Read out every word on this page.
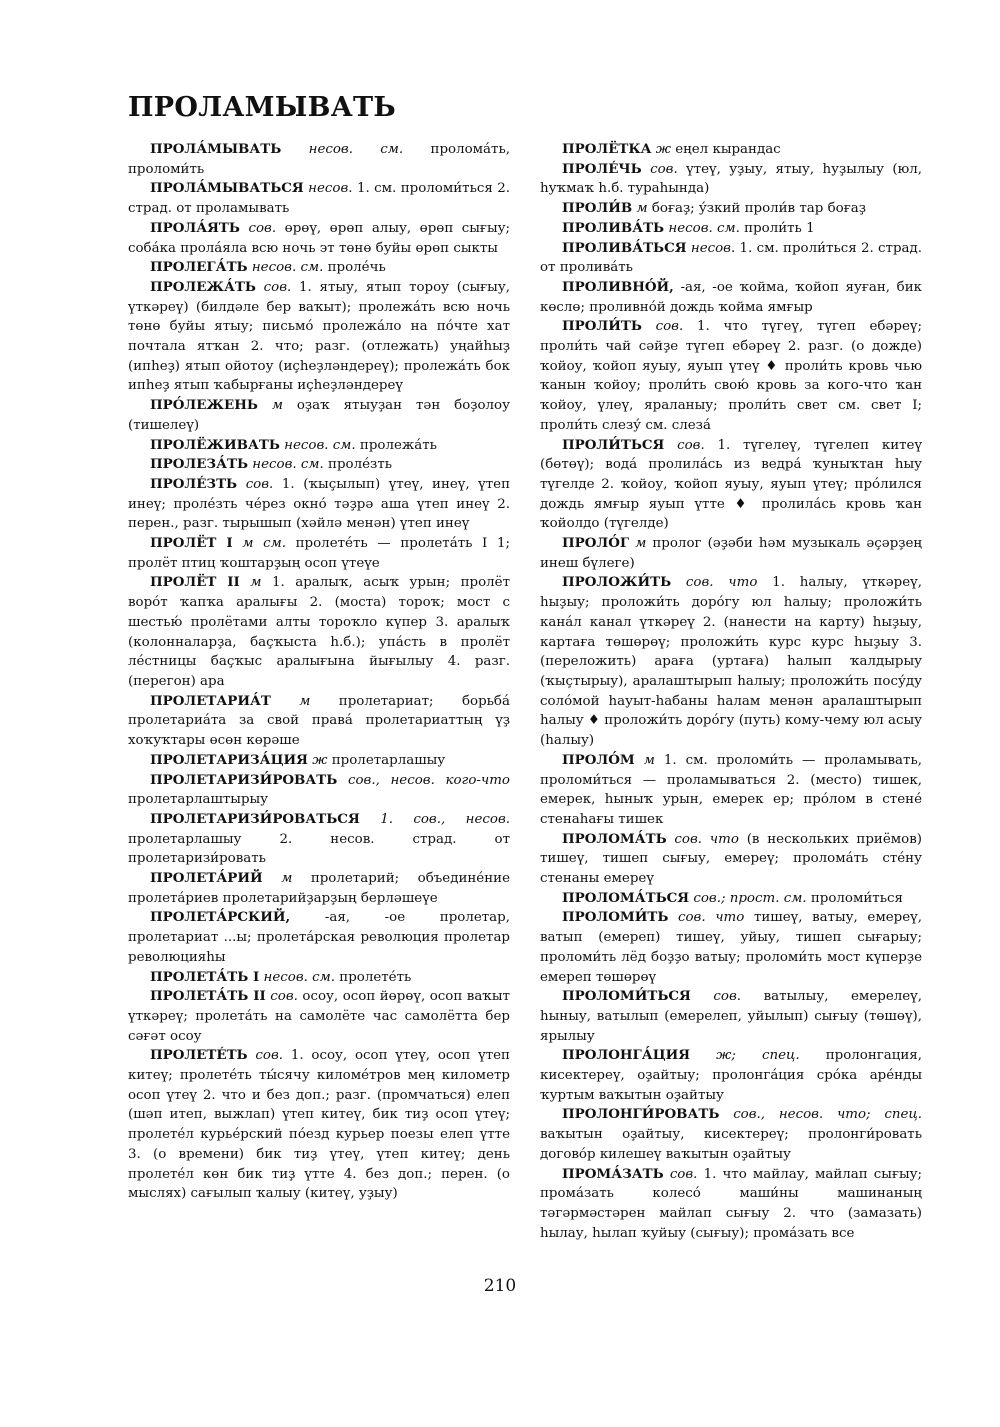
ПРОЛАМЫВАТЬ

ПРОЛА́МЫВАТЬ несов. см. проломáть, проломи́ть

ПРОЛА́МЫВАТЬСЯ несов. 1. см. проломи́ться 2. страд. от проламывать

ПРОЛА́ЯТЬ сов. өрөү, өрөп алыу, өрөп сығыу; собáка пролáяла всю ночь эт төнө буйы өрөп сыкты

ПРОЛЕГА́ТЬ несов. см. пролéчь

ПРОЛЕЖА́ТЬ сов. 1. ятыу, ятып тороу (сығыу, үткәреү) (билдәле бер ваҡыт); пролежáть всю ночь төнө буйы ятыу; письмó пролежáло на пóчте хат почтала ятҡан 2. что; разг. (отлежать) уңайһыҙ (ипһеҙ) ятып ойотоу (иҫһеҙләндереү); пролежáть бок ипһеҙ ятып ҡабырғаны иҫһеҙләндереү

ПРО́ЛЕЖЕНЬ м оҙаҡ ятыуҙан тән боҙолоу (тишелеү)

ПРОЛЁЖИВАТЬ несов. см. пролежáть

ПРОЛЕЗА́ТЬ несов. см. пролéзть

ПРОЛÉЗТЬ сов. 1. (ҡыҫылып) үтеү, инеү, үтеп инеү; пролéзть чéрез окнó тәҙрә аша үтеп инеү 2. перен., разг. тырышып (хәйлә менән) үтеп инеү

ПРОЛЁТ I м см. пролетéть — пролетáть I 1; пролёт птиц ҡоштарҙың осоп үтеүе

ПРОЛЁТ II м 1. аралыҡ, асыҡ урын; пролёт ворóт ҡапҡа аралығы 2. (моста) тороҡ; мост с шестью́ пролётами алты тороҡло күпер 3. аралыҡ (колонналарҙа, баҫҡыста һ.б.); упáсть в пролёт лéстницы баҫҡыс аралығына йығылыу 4. разг. (перегон) ара

ПРОЛЕТАРИА́Т м пролетариат; борьбá пролетариáта за свой правá пролетариаттың үҙ хоҡуҡтары өсөн көрәше

ПРОЛЕТАРИЗА́ЦИЯ ж пролетарлашыу

ПРОЛЕТАРИЗИ́РОВАТЬ сов., несов. кого-что пролетарлаштырыу

ПРОЛЕТАРИЗИ́РОВАТЬСЯ 1. сов., несов. пролетарлашыу 2. несов. страд. от пролетаризи́ровать

ПРОЛЕТА́РИЙ м пролетарий; объединéние пролетáриев пролетарийҙарҙың берләшеүе

ПРОЛЕТА́РСКИЙ,	-ая, -ое пролетар, пролетариат ...ы; пролетáрская революция пролетар революцияһы

ПРОЛЕТА́ТЬ I несов. см. пролетéть

ПРОЛЕТА́ТЬ II сов. осоу, осоп йөрөү, осоп ваҡыт үткәреү; пролетáть на самолёте час самолётта бер сәғәт осоу

ПРОЛЕТÉТЬ сов. 1. осоу, осоп үтеү, осоп үтеп китеү; пролетéть ты́сячу киломéтров мең километр осоп үтеү 2. что и без доп.; разг. (промчаться) елеп (шәп итеп, выжлап) үтеп китеү, бик тиҙ осоп үтеү; пролетéл курьéрский пóезд курьер поезы елеп үтте 3. (о времени) бик тиҙ үтеү, үтеп китеү; день пролетéл көн бик тиҙ үтте 4. без доп.; перен. (о мыслях) сағылып ҡалыу (китеү, уҙыу)

ПРОЛЁТКА ж еңел кырандас

ПРОЛÉЧЬ сов. үтеү, уҙыу, ятыу, һуҙылыу (юл, һуҡмаҡ һ.б. тураһында)

ПРОЛИ́В м боғаҙ; у́зкий проли́в тар боғаҙ

ПРОЛИВА́ТЬ несов. см. проли́ть 1

ПРОЛИВА́ТЬСЯ несов. 1. см. проли́ться 2. страд. от проливáть

ПРОЛИВНО́Й, -ая, -ое ҡойма, ҡойоп яуған, бик көслө; проливнóй дождь ҡойма ямғыр

ПРОЛИ́ТЬ сов. 1. что түгеү, түгеп ебәреү; проли́ть чай сәйҙе түгеп ебәреү 2. разг. (о дожде) ҡойоу, ҡойоп яуыу, яуып үтеү ♦ проли́ть кровь чью ҡанын ҡойоу; проли́ть свою́ кровь за кого-что ҡан ҡойоу, үлеү, яраланыу; проли́ть свет см. свет I; проли́ть слезу́ см. слезá

ПРОЛИ́ТЬСЯ сов. 1. түгелеү, түгелеп китеү (бөтөү); водá пролилáсь из ведрá ҡуныҡтан һыу түгелде 2. ҡойоу, ҡойоп яуыу, яуып үтеү; прóлился дождь ямғыр яуып үтте ♦ пролилáсь кровь ҡан ҡойолдо (түгелде)

ПРОЛО́Г м пролог (әҙәби һәм музыкаль әҫәрҙең инеш бүлеге)

ПРОЛОЖИ́ТЬ сов. что 1. һалыу, үткәреү, һыҙыу; проложи́ть дорóгу юл һалыу; проложи́ть канáл канал үткәреү 2. (нанести на карту) һыҙыу, картаға төшөрөү; проложи́ть курс курс һыҙыу 3. (переложить) араға (уртаға) һалып ҡалдырыу (ҡыҫтырыу), аралаштырып һалыу; проложи́ть посу́ду солóмой һауыт-һабаны һалам менән аралаштырып һалыу ♦ проложи́ть дорóгу (путь) кому-чему юл асыу (һалыу)

ПРОЛО́М м 1. см. проломи́ть — проламывать, проломи́ться — проламываться 2. (место) тишек, емерек, һыныҡ урын, емерек ер; прóлом в стенé стенаһағы тишек

ПРОЛОМА́ТЬ сов. что (в нескольких приёмов) тишеү, тишеп сығыу, емереү; проломáть стéну стенаны емереү

ПРОЛОМА́ТЬСЯ сов.; прост. см. проломи́ться

ПРОЛОМИ́ТЬ сов. что тишеү, ватыу, емереү, ватып (емереп) тишеү, уйыу, тишеп сығарыу; проломи́ть лёд боҙҙо ватыу; проломи́ть мост күперҙе емереп төшөрөү

ПРОЛОМИ́ТЬСЯ сов. ватылыу, емерелеү, һыныу, ватылып (емерелеп, уйылып) сығыу (төшөү), ярылыу

ПРОЛОНГА́ЦИЯ ж; спец. пролонгация, кисектереү, оҙайтыу; пролонгáция срóка арéнды ҡуртым ваҡытын оҙайтыу

ПРОЛОНГИ́РОВАТЬ сов., несов. что; спец. ваҡытын оҙайтыу, кисектереү; пролонги́ровать договóр килешеү ваҡытын оҙайтыу

ПРОМА́ЗАТЬ сов. 1. что майлау, майлап сығыу; промáзать колесó маши́ны машинаның тәгәрмәстәрен майлап сығыу 2. что (замазать) һылау, һылап ҡуйыу (сығыу); промáзать все

210
